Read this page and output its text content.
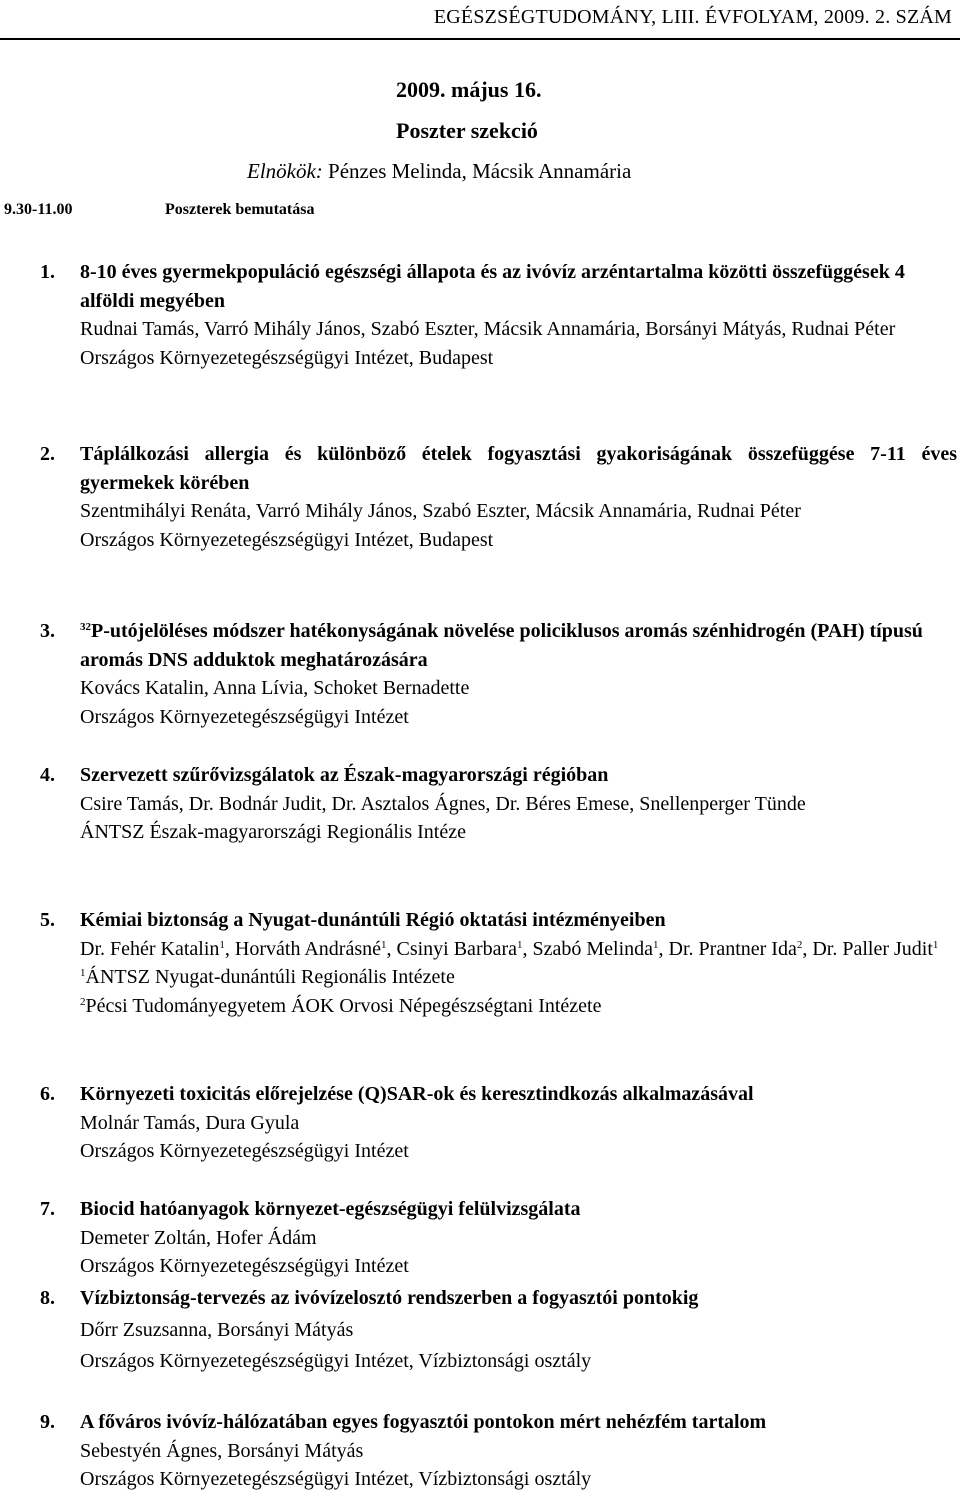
EGÉSZSÉGTUDOMÁNY, LIII. ÉVFOLYAM, 2009. 2. SZÁM
2009. május 16.
Poszter szekció
Elnökök: Pénzes Melinda, Mácsik Annamária
9.30-11.00	Poszterek bemutatása
1. 8-10 éves gyermekpopuláció egészségi állapota és az ivóvíz arzéntartalma közötti összefüggések 4 alföldi megyében
Rudnai Tamás, Varró Mihály János, Szabó Eszter, Mácsik Annamária, Borsányi Mátyás, Rudnai Péter
Országos Környezetegészségügyi Intézet, Budapest
2. Táplálkozási allergia és különböző ételek fogyasztási gyakoriságának összefüggése 7-11 éves gyermekek körében
Szentmihályi Renáta, Varró Mihály János, Szabó Eszter, Mácsik Annamária, Rudnai Péter
Országos Környezetegészségügyi Intézet, Budapest
3. $^{32}$P-utójelöléses módszer hatékonyságának növelése policiklusos aromás szénhidrogén (PAH) típusú aromás DNS adduktok meghatározására
Kovács Katalin, Anna Lívia, Schoket Bernadette
Országos Környezetegészségügyi Intézet
4. Szervezett szűrővizsgálatok az Észak-magyarországi régióban
Csire Tamás, Dr. Bodnár Judit, Dr. Asztalos Ágnes, Dr. Béres Emese, Snellenperger Tünde
ÁNTSZ Észak-magyarországi Regionális Intéze
5. Kémiai biztonság a Nyugat-dunántúli Régió oktatási intézményeiben
Dr. Fehér Katalin$^1$, Horváth Andrásné$^1$, Csinyi Barbara$^1$, Szabó Melinda$^1$, Dr. Prantner Ida$^2$, Dr. Paller Judit$^1$
$^1$ÁNTSZ Nyugat-dunántúli Regionális Intézete
$^2$Pécsi Tudományegyetem ÁOK Orvosi Népegészségtani Intézete
6. Környezeti toxicitás előrejelzése (Q)SAR-ok és keresztindkozás alkalmazásával
Molnár Tamás, Dura Gyula
Országos Környezetegészségügyi Intézet
7. Biocid hatóanyagok környezet-egészségügyi felülvizsgálata
Demeter Zoltán, Hofer Ádám
Országos Környezetegészségügyi Intézet
8. Vízbiztonság-tervezés az ivóvízelosztó rendszerben a fogyasztói pontokig
Dőrr Zsuzsanna, Borsányi Mátyás
Országos Környezetegészségügyi Intézet, Vízbiztonsági osztály
9. A főváros ivóvíz-hálózatában egyes fogyasztói pontokon mért nehézfém tartalom
Sebestyén Ágnes, Borsányi Mátyás
Országos Környezetegészségügyi Intézet, Vízbiztonsági osztály
